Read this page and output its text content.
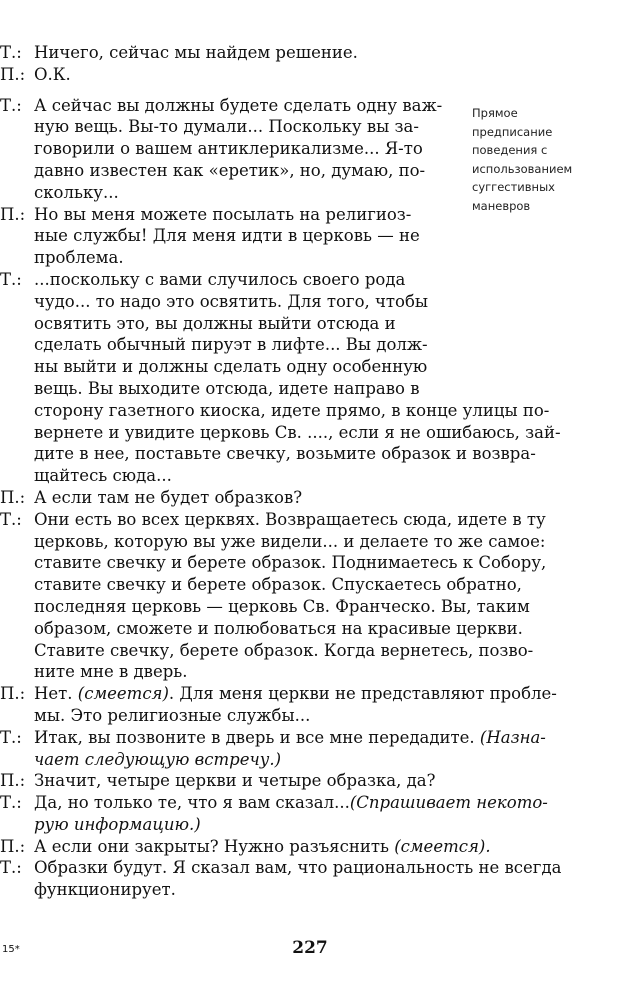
Т.: Ничего, сейчас мы найдем решение.
П.: О.К.
Т.: А сейчас вы должны будете сделать одну важ-
ную вещь. Вы-то думали... Поскольку вы за-
говорили о вашем антиклерикализме... Я-то
давно известен как «еретик», но, думаю, по-
скольку...
П.: Но вы меня можете посылать на религиоз-
ные службы! Для меня идти в церковь — не
проблема.
Т.: ...поскольку с вами случилось своего рода
чудо... то надо это освятить. Для того, чтобы
освятить это, вы должны выйти отсюда и
сделать обычный пируэт в лифте... Вы долж-
ны выйти и должны сделать одну особенную
вещь. Вы выходите отсюда, идете направо в
сторону газетного киоска, идете прямо, в конце улицы по-
вернете и увидите церковь Св. ...., если я не ошибаюсь, зай-
дите в нее, поставьте свечку, возьмите образок и возвра-
щайтесь сюда...
П.: А если там не будет образков?
Т.: Они есть во всех церквях. Возвращаетесь сюда, идете в ту
церковь, которую вы уже видели... и делаете то же самое:
ставите свечку и берете образок. Поднимаетесь к Собору,
ставите свечку и берете образок. Спускаетесь обратно,
последняя церковь — церковь Св. Франческо. Вы, таким
образом, сможете и полюбоваться на красивые церкви.
Ставите свечку, берете образок. Когда вернетесь, позво-
ните мне в дверь.
П.: Нет. (смеется). Для меня церкви не представляют пробле-
мы. Это религиозные службы...
Т.: Итак, вы позвоните в дверь и все мне передадите. (Назна-
чает следующую встречу.)
П.: Значит, четыре церкви и четыре образка, да?
Т.: Да, но только те, что я вам сказал...(Спрашивает некото-
рую информацию.)
П.: А если они закрыты? Нужно разъяснить (смеется).
Т.: Образки будут. Я сказал вам, что рациональность не всегда
функционирует.
Прямое
предписание
поведения с
использованием
суггестивных
маневров
227
15*
